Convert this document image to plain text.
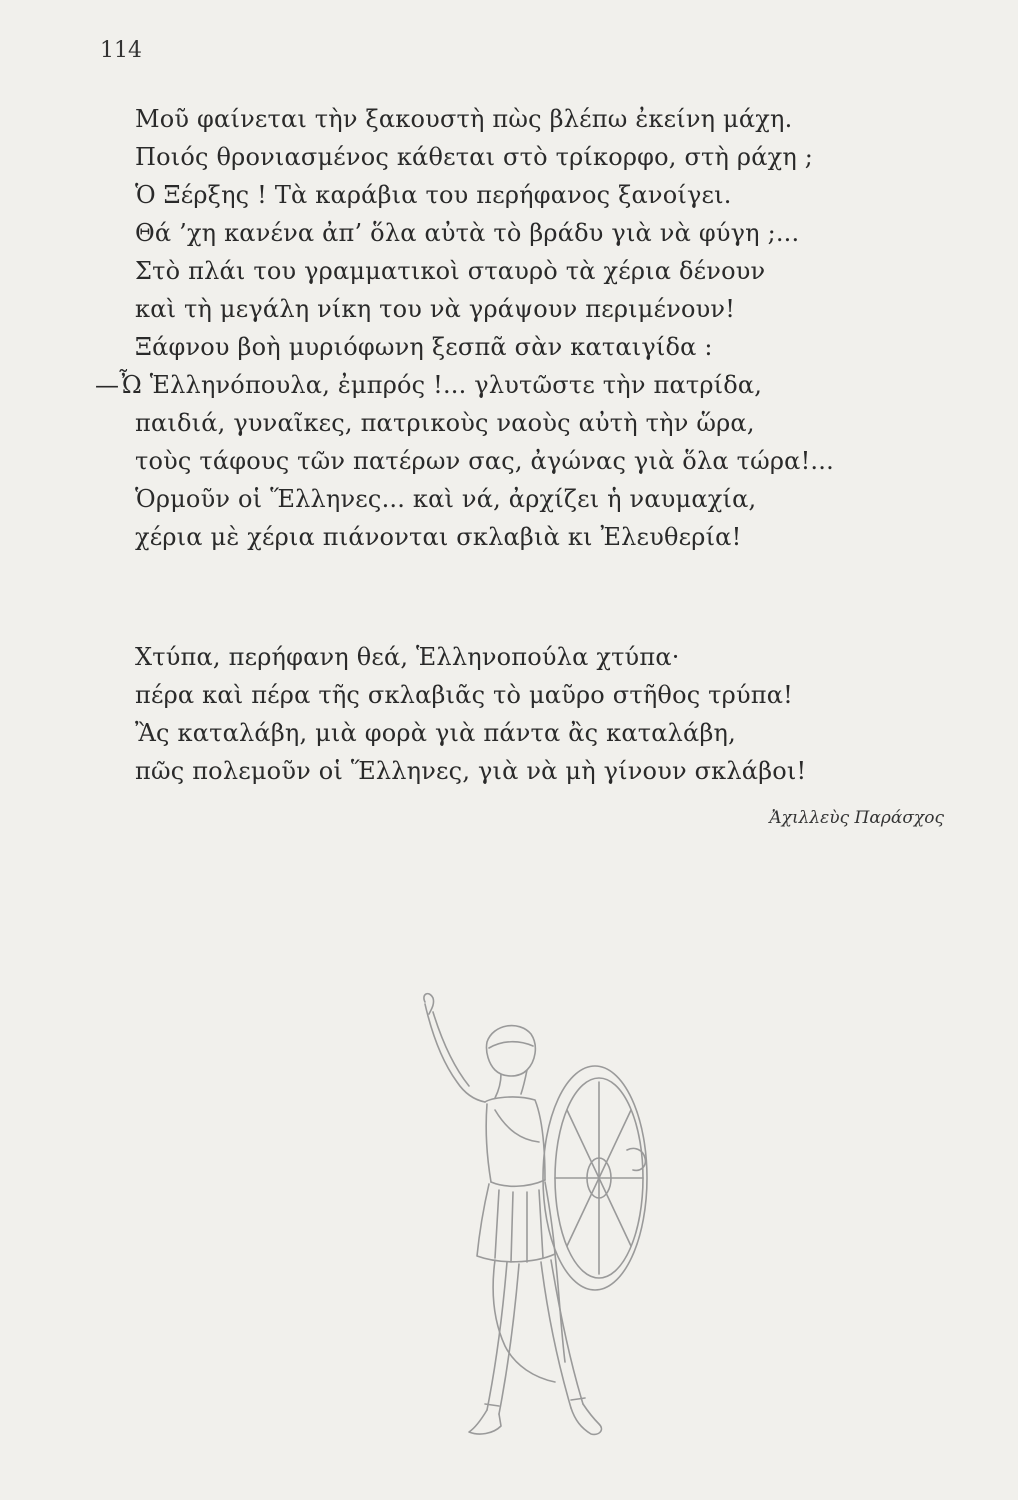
114
Μοῦ φαίνεται τὴν ξακουστὴ πὼς βλέπω ἐκείνη μάχη.
Ποιός θρονιασμένος κάθεται στὸ τρίκορφο, στὴ ράχη ;
Ὁ Ξέρξης ! Τὰ καράβια του περήφανος ξανοίγει.
Θά ’χη κανένα ἀπ’ ὅλα αὐτὰ τὸ βράδυ γιὰ νὰ φύγη ;...
Στὸ πλάι του γραμματικοὶ σταυρὸ τὰ χέρια δένουν
καὶ τὴ μεγάλη νίκη του νὰ γράψουν περιμένουν!
Ξάφνου βοὴ μυριόφωνη ξεσπᾶ σὰν καταιγίδα :
—Ὦ Ἑλληνόπουλα, ἐμπρός !... γλυτῶστε τὴν πατρίδα,
παιδιά, γυναῖκες, πατρικοὺς ναοὺς αὐτὴ τὴν ὥρα,
τοὺς τάφους τῶν πατέρων σας, ἀγώνας γιὰ ὅλα τώρα!...
Ὁρμοῦν οἱ Ἕλληνες... καὶ νά, ἀρχίζει ἡ ναυμαχία,
χέρια μὲ χέρια πιάνονται σκλαβιὰ κι Ἐλευθερία!
Χτύπα, περήφανη θεά, Ἑλληνοπούλα χτύπα·
πέρα καὶ πέρα τῆς σκλαβιᾶς τὸ μαῦρο στῆθος τρύπα!
Ἂς καταλάβη, μιὰ φορὰ γιὰ πάντα ἂς καταλάβη,
πῶς πολεμοῦν οἱ Ἕλληνες, γιὰ νὰ μὴ γίνουν σκλάβοι!
Ἀχιλλεὺς Παράσχος
